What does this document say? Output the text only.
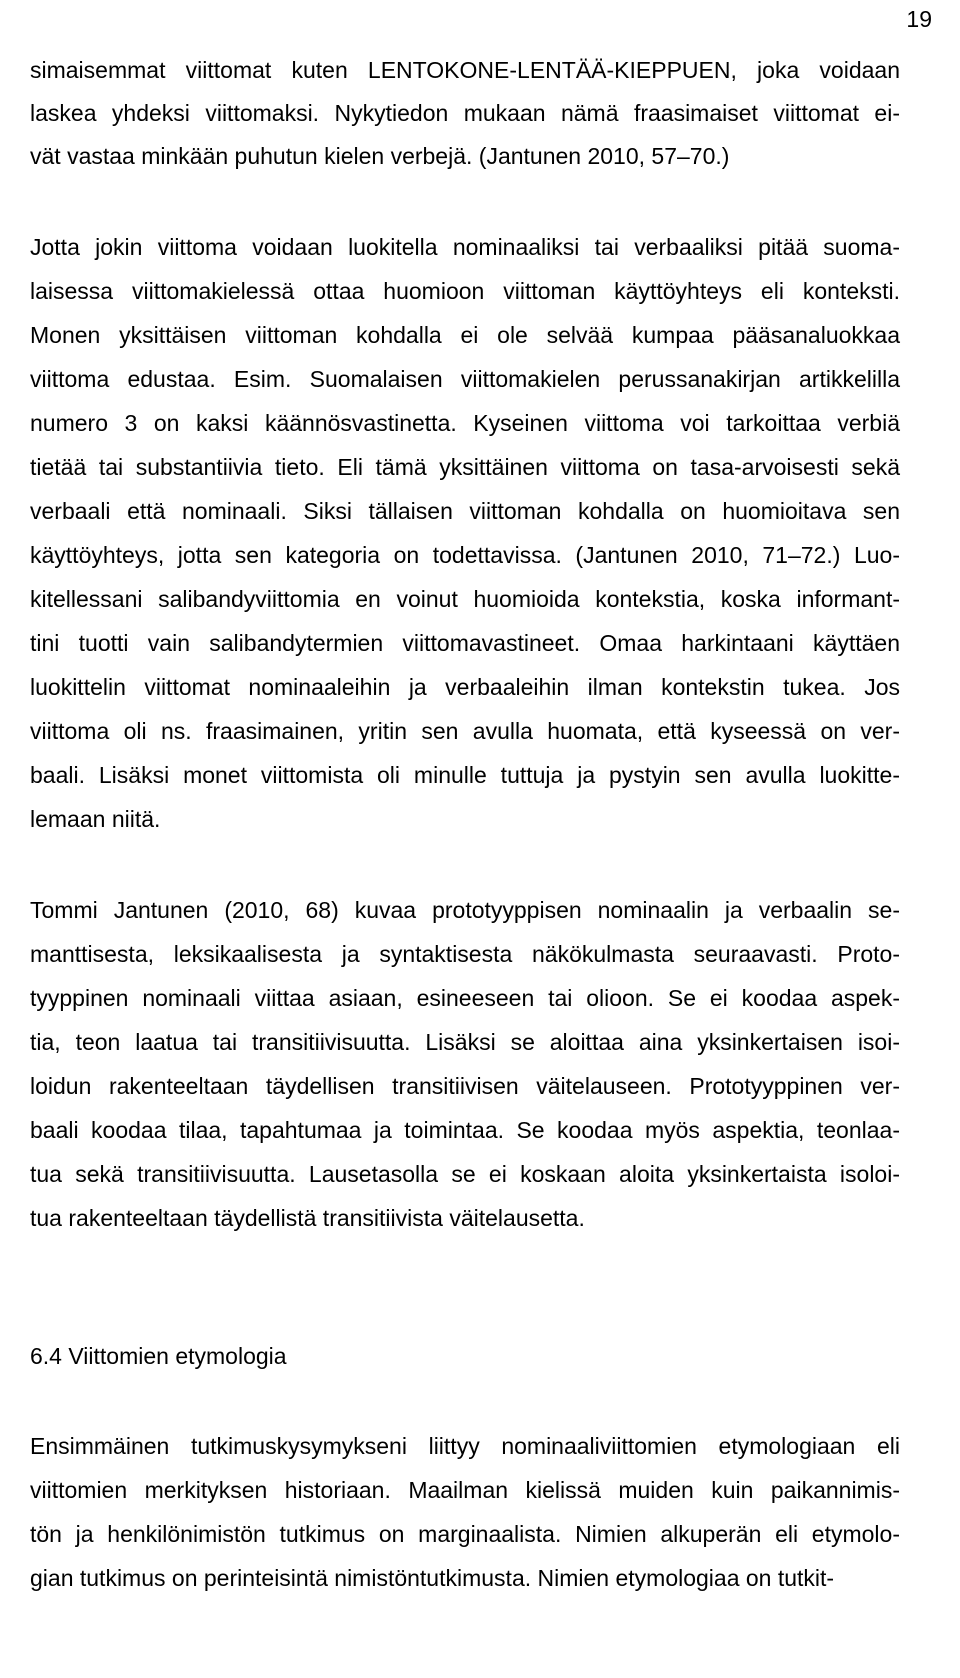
19
simaisemmat viittomat kuten LENTOKONE-LENTÄÄ-KIEPPUEN, joka voidaan
laskea yhdeksi viittomaksi. Nykytiedon mukaan nämä fraasimaiset viittomat ei-
vät vastaa minkään puhutun kielen verbejä. (Jantunen 2010, 57‒70.)
Jotta jokin viittoma voidaan luokitella nominaaliksi tai verbaaliksi pitää suoma-
laisessa viittomakielessä ottaa huomioon viittoman käyttöyhteys eli konteksti.
Monen yksittäisen viittoman kohdalla ei ole selvää kumpaa pääsanaluokkaa
viittoma edustaa. Esim. Suomalaisen viittomakielen perussanakirjan artikkelilla
numero 3 on kaksi käännösvastinetta. Kyseinen viittoma voi tarkoittaa verbiä
tietää tai substantiivia tieto. Eli tämä yksittäinen viittoma on tasa-arvoisesti sekä
verbaali että nominaali. Siksi tällaisen viittoman kohdalla on huomioitava sen
käyttöyhteys, jotta sen kategoria on todettavissa. (Jantunen 2010, 71‒72.) Luo-
kitellessani salibandyviittomia en voinut huomioida kontekstia, koska informant-
tini tuotti vain salibandytermien viittomavastineet. Omaa harkintaani käyttäen
luokittelin viittomat nominaaleihin ja verbaaleihin ilman kontekstin tukea. Jos
viittoma oli ns. fraasimainen, yritin sen avulla huomata, että kyseessä on ver-
baali. Lisäksi monet viittomista oli minulle tuttuja ja pystyin sen avulla luokitte-
lemaan niitä.
Tommi Jantunen (2010, 68) kuvaa prototyyppisen nominaalin ja verbaalin se-
manttisesta, leksikaalisesta ja syntaktisesta näkökulmasta seuraavasti. Proto-
tyyppinen nominaali viittaa asiaan, esineeseen tai olioon. Se ei koodaa aspek-
tia, teon laatua tai transitiivisuutta. Lisäksi se aloittaa aina yksinkertaisen isoi-
loidun rakenteeltaan täydellisen transitiivisen väitelauseen. Prototyyppinen ver-
baali koodaa tilaa, tapahtumaa ja toimintaa. Se koodaa myös aspektia, teonlaa-
tua sekä transitiivisuutta. Lausetasolla se ei koskaan aloita yksinkertaista isoloi-
tua rakenteeltaan täydellistä transitiivista väitelausetta.
6.4 Viittomien etymologia
Ensimmäinen tutkimuskysymykseni liittyy nominaaliviittomien etymologiaan eli
viittomien merkityksen historiaan. Maailman kielissä muiden kuin paikannimis-
tön ja henkilönimistön tutkimus on marginaalista. Nimien alkuperän eli etymolo-
gian tutkimus on perinteisintä nimistöntutkimusta. Nimien etymologiaa on tutkit-
